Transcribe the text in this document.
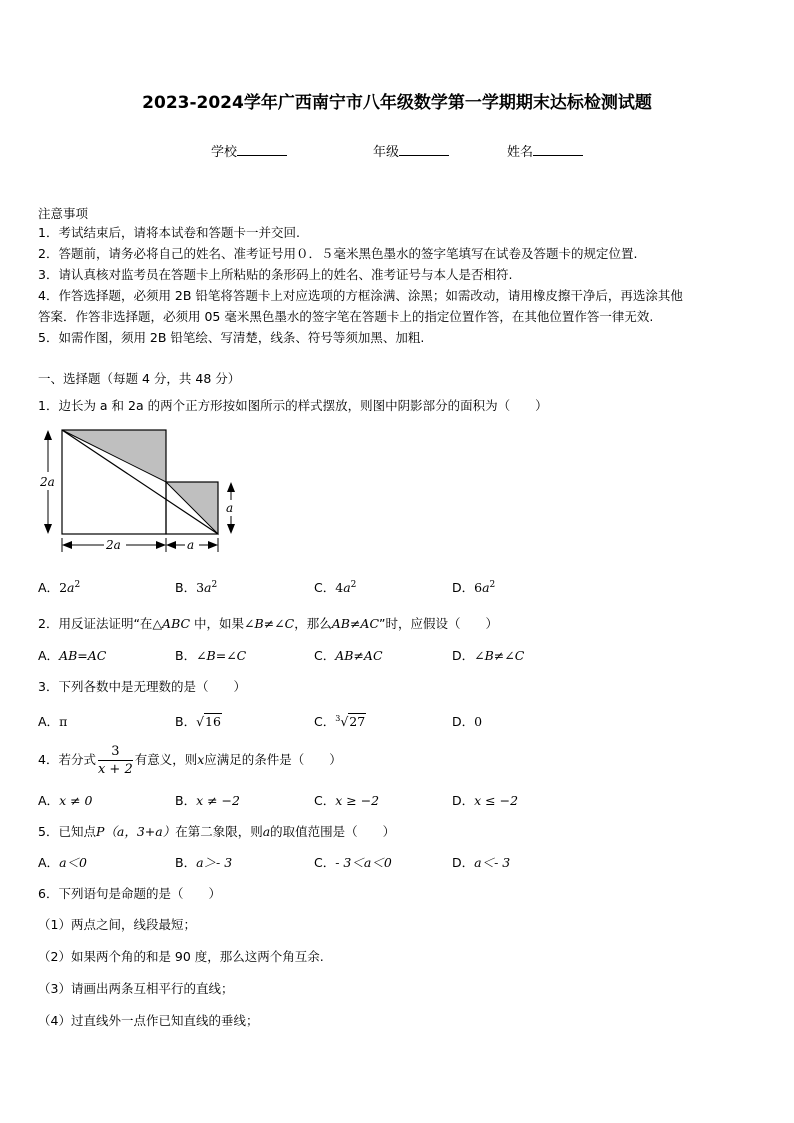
2023-2024学年广西南宁市八年级数学第一学期期末达标检测试题
学校	年级	姓名
注意事项
1．考试结束后，请将本试卷和答题卡一并交回.
2．答题前，请务必将自己的姓名、准考证号用０．５毫米黑色墨水的签字笔填写在试卷及答题卡的规定位置.
3．请认真核对监考员在答题卡上所粘贴的条形码上的姓名、准考证号与本人是否相符.
4．作答选择题，必须用 2B 铅笔将答题卡上对应选项的方框涂满、涂黑；如需改动，请用橡皮擦干净后，再选涂其他
答案．作答非选择题，必须用 05 毫米黑色墨水的签字笔在答题卡上的指定位置作答，在其他位置作答一律无效.
5．如需作图，须用 2B 铅笔绘、写清楚，线条、符号等须加黑、加粗.
一、选择题（每题 4 分，共 48 分）
1．边长为 a 和 2a 的两个正方形按如图所示的样式摆放，则图中阴影部分的面积为（　　）
2a
a
2a	a
A．$2a^2$	B．$3a^2$	C．$4a^2$	D．$6a^2$
2．用反证法证明“在△ABC 中，如果∠B≠∠C，那么AB≠AC”时，应假设（　　）
A．AB=AC	B．∠B=∠C	C．AB≠AC	D．∠B≠∠C
3．下列各数中是无理数的是（　　）
A．π	B．√16	C．$^3$√27	D．0
4．若分式 $\frac{3}{x + 2}$ 有意义，则x应满足的条件是（　　）
A．x ≠ 0	B．x ≠ −2	C．x ≥ −2	D．x ≤ −2
5．已知点P（a，3+a）在第二象限，则a的取值范围是（　　）
A．a＜0	B．a＞- 3	C．- 3＜a＜0	D．a＜- 3
6．下列语句是命题的是（　　）
（1）两点之间，线段最短；
（2）如果两个角的和是 90 度，那么这两个角互余.
（3）请画出两条互相平行的直线；
（4）过直线外一点作已知直线的垂线；
